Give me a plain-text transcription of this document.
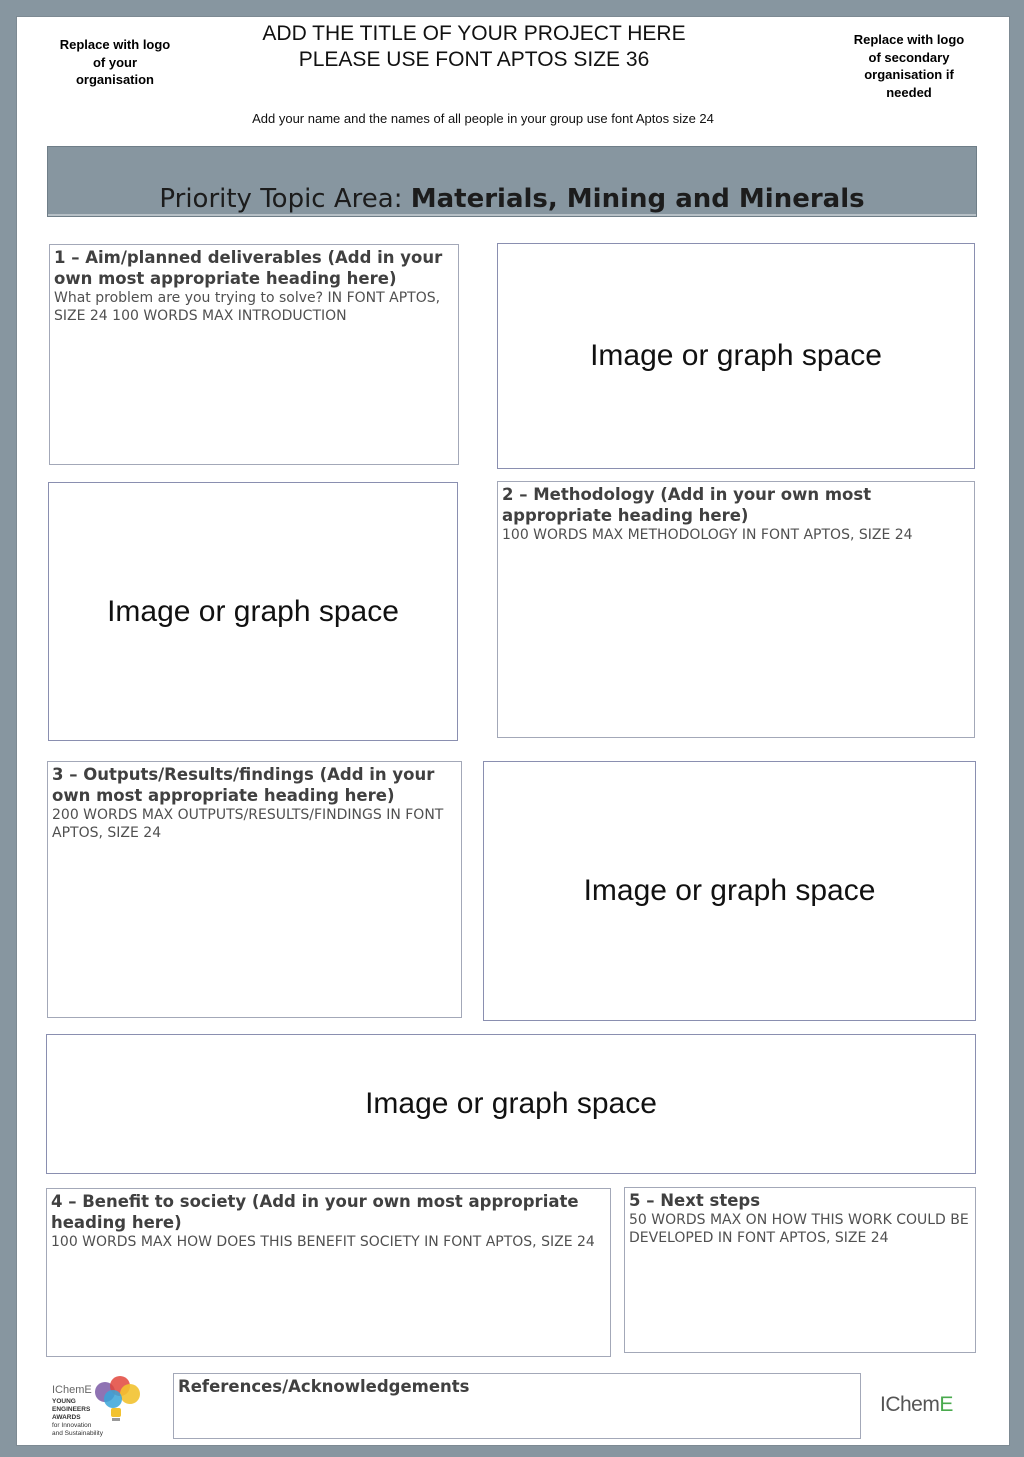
Replace with logo of your organisation
Replace with logo of secondary organisation if needed
ADD THE TITLE OF YOUR PROJECT HERE
PLEASE USE FONT APTOS SIZE 36
Add your name and the names of all people in your group use font Aptos size 24
Priority Topic Area: Materials, Mining and Minerals
1 – Aim/planned deliverables (Add in your own most appropriate heading here)
What problem are you trying to solve? IN FONT APTOS, SIZE 24 100 WORDS MAX INTRODUCTION
Image or graph space
Image or graph space
2 – Methodology (Add in your own most appropriate heading here)
100 WORDS MAX METHODOLOGY IN FONT APTOS, SIZE 24
3 – Outputs/Results/findings (Add in your own most appropriate heading here)
200 WORDS MAX OUTPUTS/RESULTS/FINDINGS IN FONT APTOS, SIZE 24
Image or graph space
Image or graph space
4 – Benefit to society (Add in your own most appropriate heading here)
100 WORDS MAX HOW DOES THIS BENEFIT SOCIETY IN FONT APTOS, SIZE 24
5 – Next steps
50 WORDS MAX ON HOW THIS WORK COULD BE DEVELOPED IN FONT APTOS, SIZE 24
IChemE
YOUNG
ENGINEERS
AWARDS
for Innovation
and Sustainability
References/Acknowledgements
IChemE
